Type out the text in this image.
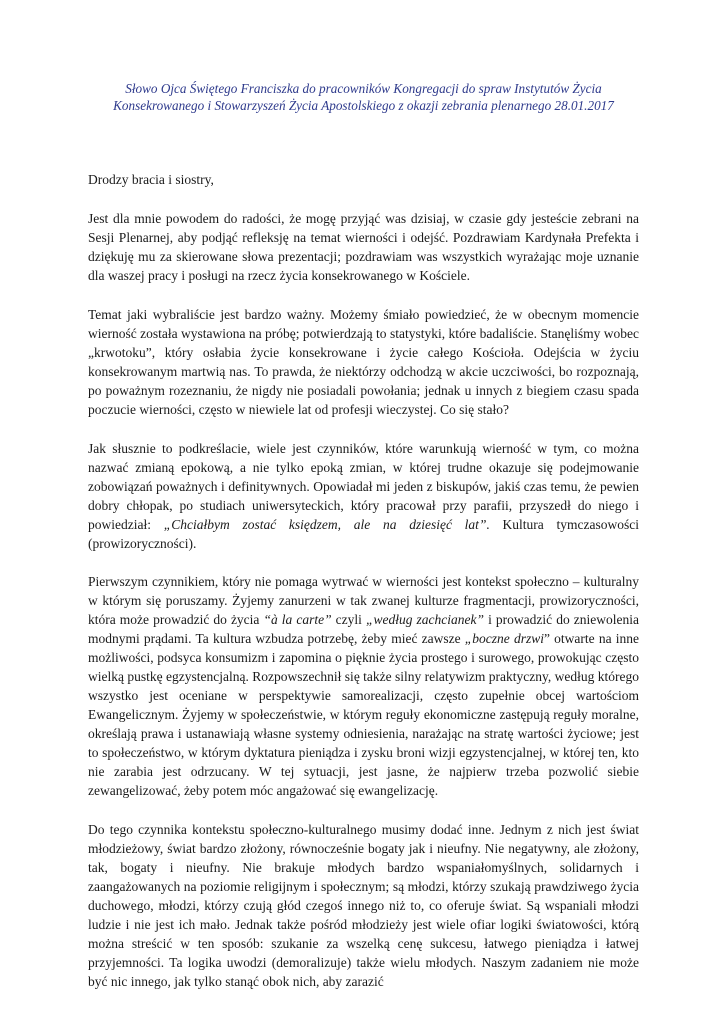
Słowo Ojca Świętego Franciszka do pracowników Kongregacji do spraw Instytutów Życia Konsekrowanego i Stowarzyszeń Życia Apostolskiego z okazji zebrania plenarnego 28.01.2017

Drodzy bracia i siostry,

Jest dla mnie powodem do radości, że mogę przyjąć was dzisiaj, w czasie gdy jesteście zebrani na Sesji Plenarnej, aby podjąć refleksję na temat wierności i odejść. Pozdrawiam Kardynała Prefekta i dziękuję mu za skierowane słowa prezentacji; pozdrawiam was wszystkich wyrażając moje uznanie dla waszej pracy i posługi na rzecz życia konsekrowanego w Kościele.

Temat jaki wybraliście jest bardzo ważny. Możemy śmiało powiedzieć, że w obecnym momencie wierność została wystawiona na próbę; potwierdzają to statystyki, które badaliście. Stanęliśmy wobec „krwotoku”, który osłabia życie konsekrowane i życie całego Kościoła. Odejścia w życiu konsekrowanym martwią nas. To prawda, że niektórzy odchodzą w akcie uczciwości, bo rozpoznają, po poważnym rozeznaniu, że nigdy nie posiadali powołania; jednak u innych z biegiem czasu spada poczucie wierności, często w niewiele lat od profesji wieczystej. Co się stało?

Jak słusznie to podkreślacie, wiele jest czynników, które warunkują wierność w tym, co można nazwać zmianą epokową, a nie tylko epoką zmian, w której trudne okazuje się podejmowanie zobowiązań poważnych i definitywnych. Opowiadał mi jeden z biskupów, jakiś czas temu, że pewien dobry chłopak, po studiach uniwersyteckich, który pracował przy parafii, przyszedł do niego i powiedział: „Chciałbym zostać księdzem, ale na dziesięć lat”. Kultura tymczasowości (prowizoryczności).

Pierwszym czynnikiem, który nie pomaga wytrwać w wierności jest kontekst społeczno – kulturalny w którym się poruszamy. Żyjemy zanurzeni w tak zwanej kulturze fragmentacji, prowizoryczności, która może prowadzić do życia “à la carte” czyli „według zachcianek” i prowadzić do zniewolenia modnymi prądami. Ta kultura wzbudza potrzebę, żeby mieć zawsze „boczne drzwi” otwarte na inne możliwości, podsyca konsumizm i zapomina o pięknie życia prostego i surowego, prowokując często wielką pustkę egzystencjalną. Rozpowszechnił się także silny relatywizm praktyczny, według którego wszystko jest oceniane w perspektywie samorealizacji, często zupełnie obcej wartościom Ewangelicznym. Żyjemy w społeczeństwie, w którym reguły ekonomiczne zastępują reguły moralne, określają prawa i ustanawiają własne systemy odniesienia, narażając na stratę wartości życiowe; jest to społeczeństwo, w którym dyktatura pieniądza i zysku broni wizji egzystencjalnej, w której ten, kto nie zarabia jest odrzucany. W tej sytuacji, jest jasne, że najpierw trzeba pozwolić siebie zewangelizować, żeby potem móc angażować się ewangelizację.

Do tego czynnika kontekstu społeczno-kulturalnego musimy dodać inne. Jednym z nich jest świat młodzieżowy, świat bardzo złożony, równocześnie bogaty jak i nieufny. Nie negatywny, ale złożony, tak, bogaty i nieufny. Nie brakuje młodych bardzo wspaniałomyślnych, solidarnych i zaangażowanych na poziomie religijnym i społecznym; są młodzi, którzy szukają prawdziwego życia duchowego, młodzi, którzy czują głód czegoś innego niż to, co oferuje świat. Są wspaniali młodzi ludzie i nie jest ich mało. Jednak także pośród młodzieży jest wiele ofiar logiki światowości, którą można streścić w ten sposób: szukanie za wszelką cenę sukcesu, łatwego pieniądza i łatwej przyjemności. Ta logika uwodzi (demoralizuje) także wielu młodych. Naszym zadaniem nie może być nic innego, jak tylko stanąć obok nich, aby zarazić
